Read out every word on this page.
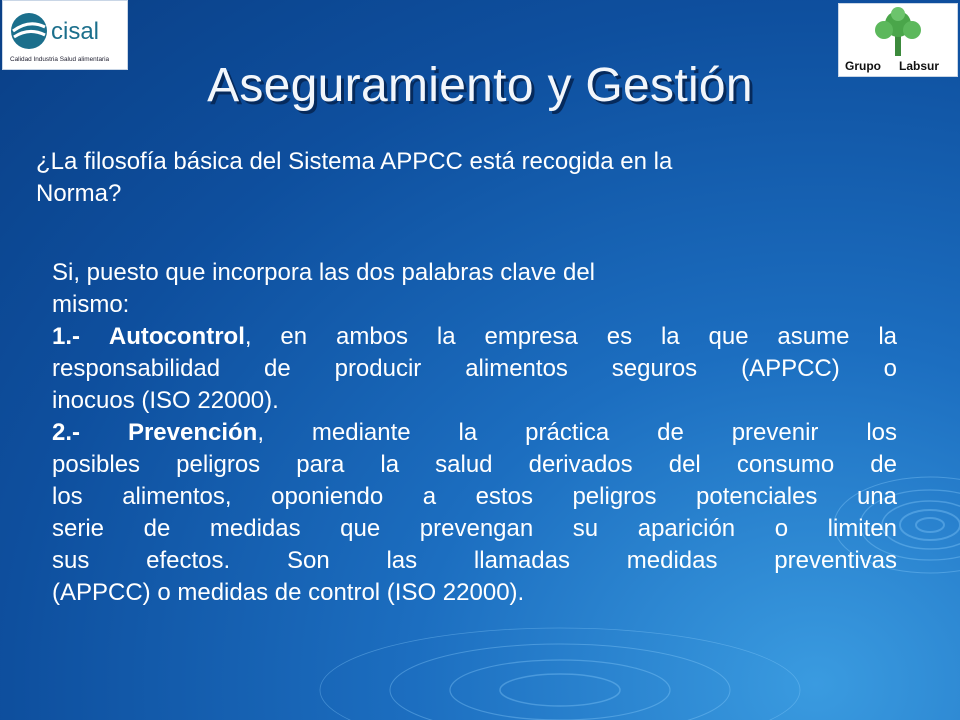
cisal
Calidad Industria Salud alimentaria	Grupo Labsur
Aseguramiento y Gestión
¿La filosofía básica del Sistema APPCC está recogida en la
Norma?
Si, puesto que incorpora las dos palabras clave del
mismo:
1.- Autocontrol, en ambos la empresa es la que asume la
responsabilidad de producir alimentos seguros (APPCC) o
inocuos (ISO 22000).
2.- Prevención, mediante la práctica de prevenir los
posibles peligros para la salud derivados del consumo de
los alimentos, oponiendo a estos peligros potenciales una
serie de medidas que prevengan su aparición o limiten
sus efectos. Son las llamadas medidas preventivas
(APPCC) o medidas de control (ISO 22000).
